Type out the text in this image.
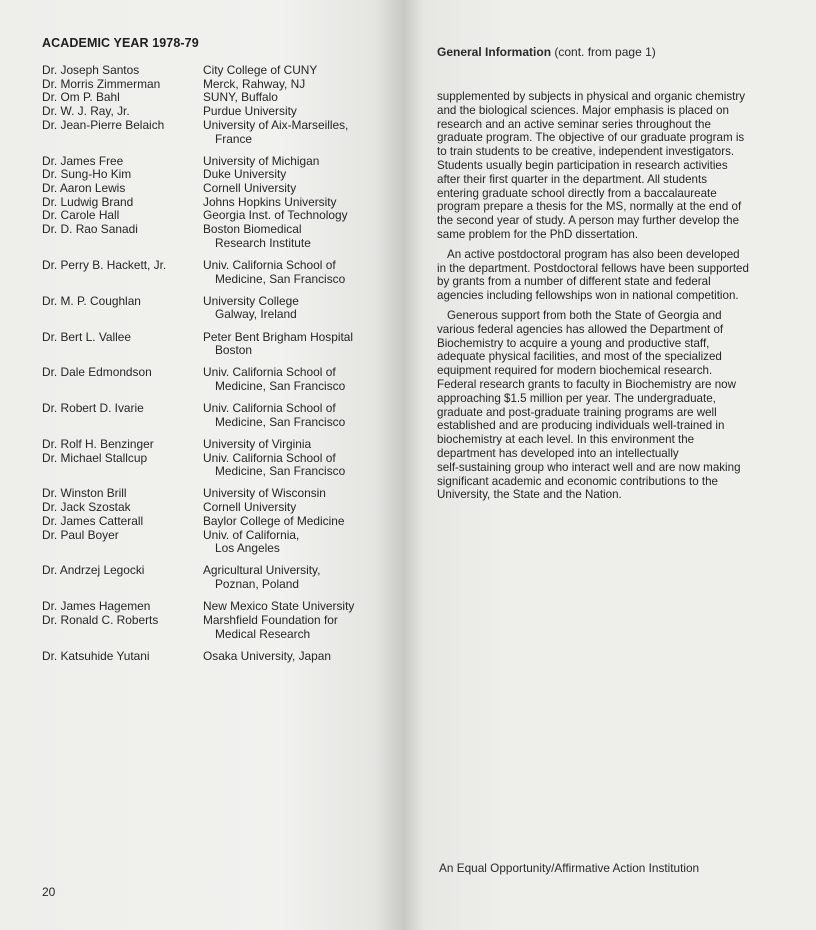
ACADEMIC YEAR 1978-79
Dr. Joseph Santos	City College of CUNY
Dr. Morris Zimmerman	Merck, Rahway, NJ
Dr. Om P. Bahl	SUNY, Buffalo
Dr. W. J. Ray, Jr.	Purdue University
Dr. Jean-Pierre Belaich	University of Aix-Marseilles,
France
Dr. James Free	University of Michigan
Dr. Sung-Ho Kim	Duke University
Dr. Aaron Lewis	Cornell University
Dr. Ludwig Brand	Johns Hopkins University
Dr. Carole Hall	Georgia Inst. of Technology
Dr. D. Rao Sanadi	Boston Biomedical
Research Institute
Dr. Perry B. Hackett, Jr.	Univ. California School of
Medicine, San Francisco
Dr. M. P. Coughlan	University College
Galway, Ireland
Dr. Bert L. Vallee	Peter Bent Brigham Hospital
Boston
Dr. Dale Edmondson	Univ. California School of
Medicine, San Francisco
Dr. Robert D. Ivarie	Univ. California School of
Medicine, San Francisco
Dr. Rolf H. Benzinger	University of Virginia
Dr. Michael Stallcup	Univ. California School of
Medicine, San Francisco
Dr. Winston Brill	University of Wisconsin
Dr. Jack Szostak	Cornell University
Dr. James Catterall	Baylor College of Medicine
Dr. Paul Boyer	Univ. of California,
Los Angeles
Dr. Andrzej Legocki	Agricultural University,
Poznan, Poland
Dr. James Hagemen	New Mexico State University
Dr. Ronald C. Roberts	Marshfield Foundation for
Medical Research
Dr. Katsuhide Yutani	Osaka University, Japan
20
General Information (cont. from page 1)
supplemented by subjects in physical and organic chemistry
and the biological sciences. Major emphasis is placed on
research and an active seminar series throughout the
graduate program. The objective of our graduate program is
to train students to be creative, independent investigators.
Students usually begin participation in research activities
after their first quarter in the department. All students
entering graduate school directly from a baccalaureate
program prepare a thesis for the MS, normally at the end of
the second year of study. A person may further develop the
same problem for the PhD dissertation.
An active postdoctoral program has also been developed
in the department. Postdoctoral fellows have been supported
by grants from a number of different state and federal
agencies including fellowships won in national competition.
Generous support from both the State of Georgia and
various federal agencies has allowed the Department of
Biochemistry to acquire a young and productive staff,
adequate physical facilities, and most of the specialized
equipment required for modern biochemical research.
Federal research grants to faculty in Biochemistry are now
approaching $1.5 million per year. The undergraduate,
graduate and post-graduate training programs are well
established and are producing individuals well-trained in
biochemistry at each level. In this environment the
department has developed into an intellectually
self-sustaining group who interact well and are now making
significant academic and economic contributions to the
University, the State and the Nation.
An Equal Opportunity/Affirmative Action Institution
